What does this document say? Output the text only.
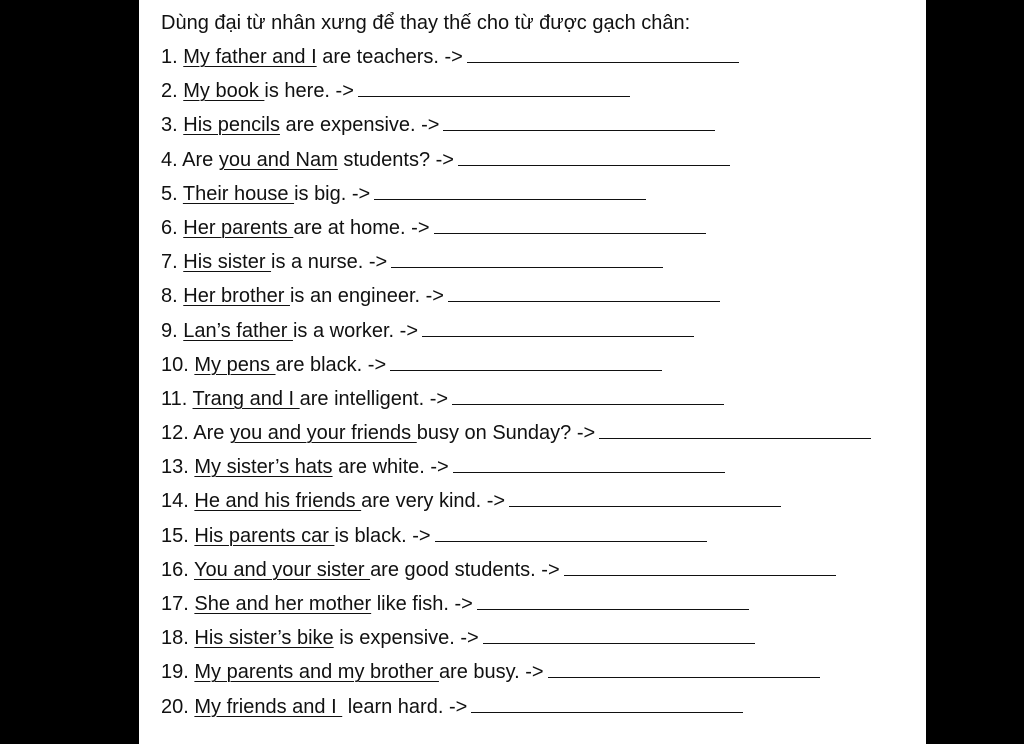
Dùng đại từ nhân xưng để thay thế cho từ được gạch chân:
1. My father and I are teachers. ->
2. My book is here. ->
3. His pencils are expensive. ->
4. Are you and Nam students? ->
5. Their house is big. ->
6. Her parents are at home. ->
7. His sister is a nurse. ->
8. Her brother is an engineer. ->
9. Lan’s father is a worker. ->
10. My pens are black. ->
11. Trang and I are intelligent. ->
12. Are you and your friends busy on Sunday? ->
13. My sister’s hats are white. ->
14. He and his friends are very kind. ->
15. His parents car is black. ->
16. You and your sister are good students. ->
17. She and her mother like fish. ->
18. His sister’s bike is expensive. ->
19. My parents and my brother are busy. ->
20. My friends and I  learn hard. ->
